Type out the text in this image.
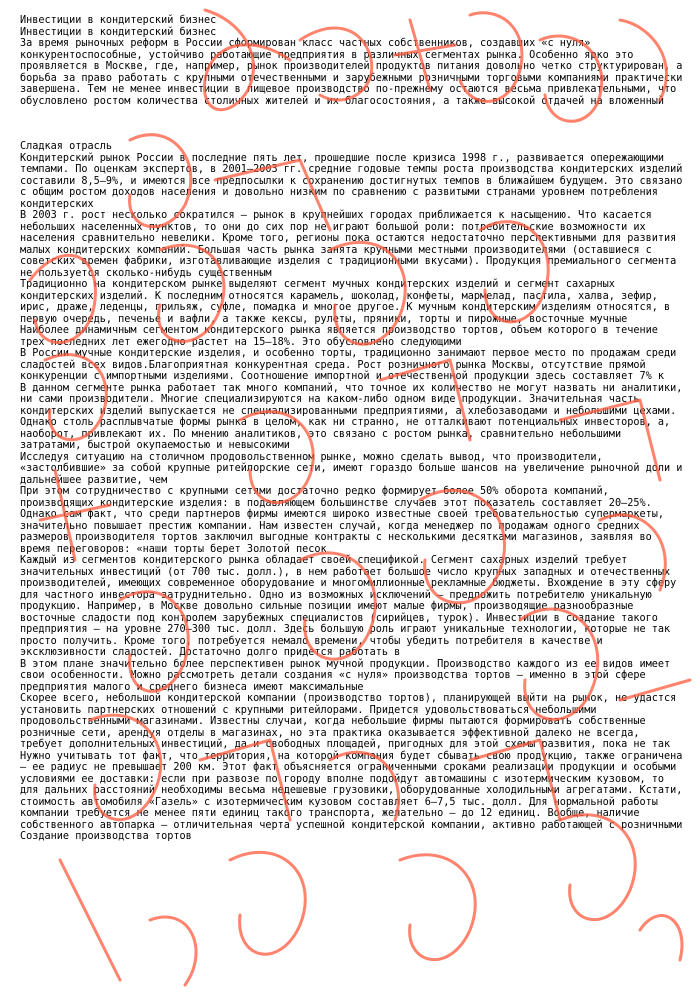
Инвестиции в кондитерский бизнес

Инвестиции в кондитерский бизнес

За время рыночных реформ в России сформирован класс частных собственников, создавших «с нуля» конкурентоспособные, устойчиво работающие предприятия в различных сегментах рынка. Особенно ярко это проявляется в Москве, где, например, рынок производителей продуктов питания довольно четко структурирован, а борьба за право работать с крупными отечественными и зарубежными розничными торговыми компаниями практически завершена. Тем не менее инвестиции в пищевое производство по-прежнему остаются весьма привлекательными, что обусловлено ростом количества столичных жителей и их благосостояния, а также высокой отдачей на вложенный

Сладкая отрасль

Кондитерский рынок России в последние пять лет, прошедшие после кризиса 1998 г., развивается опережающими темпами. По оценкам экспертов, в 2001–2003 гг. средние годовые темпы роста производства кондитерских изделий составили 8,5–9%, и имеются все предпосылки к сохранению достигнутых темпов в ближайшем будущем. Это связано с общим ростом доходов населения и довольно низким по сравнению с развитыми странами уровнем потребления кондитерских

В 2003 г. рост несколько сократился — рынок в крупнейших городах приближается к насыщению. Что касается небольших населенных пунктов, то они до сих пор не играют большой роли: потребительские возможности их населения сравнительно невелики. Кроме того, регионы пока остаются недостаточно перспективными для развития малых кондитерских компаний. Большая часть рынка занята крупными местными производителями (оставшиеся с советских времен фабрики, изготавливающие изделия с традиционными вкусами). Продукция премиального сегмента не пользуется сколько-нибудь существенным

Традиционно на кондитерском рынке выделяют сегмент мучных кондитерских изделий и сегмент сахарных кондитерских изделий. К последним относятся карамель, шоколад, конфеты, мармелад, пастила, халва, зефир, ирис, драже, леденцы, грильяж, суфле, помадка и многое другое. К мучным кондитерским изделиям относятся, в первую очередь, печенье и вафли, а также кексы, рулеты, пряники, торты и пирожные, восточные мучные

Наиболее динамичным сегментом кондитерского рынка является производство тортов, объем которого в течение трех последних лет ежегодно растет на 15–18%. Это обусловлено следующими

В России мучные кондитерские изделия, и особенно торты, традиционно занимают первое место по продажам среди сладостей всех видов.Благоприятная конкурентная среда. Рост розничного рынка Москвы, отсутствие прямой конкуренции с импортными изделиями. Соотношение импортной и отечественной продукции здесь составляет 7% к

В данном сегменте рынка работает так много компаний, что точное их количество не могут назвать ни аналитики, ни сами производители. Многие специализируются на каком-либо одном виде продукции. Значительная часть кондитерских изделий выпускается не специализированными предприятиями, а хлебозаводами и небольшими цехами. Однако столь расплывчатые формы рынка в целом, как ни странно, не отталкивают потенциальных инвесторов, а, наоборот, привлекают их. По мнению аналитиков, это связано с ростом рынка, сравнительно небольшими затратами, быстрой окупаемостью и невысокими

Исследуя ситуацию на столичном продовольственном рынке, можно сделать вывод, что производители, «застолбившие» за собой крупные ритейлорские сети, имеют гораздо больше шансов на увеличение рыночной доли и дальнейшее развитие, чем

При этом сотрудничество с крупными сетями достаточно редко формирует более 50% оборота компаний, производящих кондитерские изделия: в подавляющем большинстве случаев этот показатель составляет 20–25%. Однако сам факт, что среди партнеров фирмы имеются широко известные своей требовательностью супермаркеты, значительно повышает престиж компании. Нам известен случай, когда менеджер по продажам одного средних размеров производителя тортов заключил выгодные контракты с несколькими десятками магазинов, заявляя во время переговоров: «наши торты берет Золотой песок

Каждый из сегментов кондитерского рынка обладает своей спецификой. Сегмент сахарных изделий требует значительных инвестиций (от 700 тыс. долл.), в нем работает большое число крупных западных и отечественных производителей, имеющих современное оборудование и многомиллионные рекламные бюджеты. Вхождение в эту сферу для частного инвестора затруднительно. Одно из возможных исключений — предложить потребителю уникальную продукцию. Например, в Москве довольно сильные позиции имеют малые фирмы, производящие разнообразные восточные сладости под контролем зарубежных специалистов (сирийцев, турок). Инвестиции в создание такого предприятия — на уровне 270–300 тыс. долл. Здесь большую роль играют уникальные технологии, которые не так просто получить. Кроме того, потребуется немало времени, чтобы убедить потребителя в качестве и эксклюзивности сладостей. Достаточно долго придется работать в

В этом плане значительно более перспективен рынок мучной продукции. Производство каждого из ее видов имеет свои особенности. Можно рассмотреть детали создания «с нуля» производства тортов — именно в этой сфере предприятия малого и среднего бизнеса имеют максимальные

Скорее всего, небольшой кондитерской компании (производство тортов), планирующей выйти на рынок, не удастся установить партнерских отношений с крупными ритейлорами. Придется удовольствоваться небольшими продовольственными магазинами. Известны случаи, когда небольшие фирмы пытаются формировать собственные розничные сети, арендуя отделы в магазинах, но эта практика оказывается эффективной далеко не всегда, требует дополнительных инвестиций, да и свободных площадей, пригодных для этой схемы развития, пока не так

Нужно учитывать тот факт, что территория, на которой компания будет сбывать свою продукцию, также ограничена — ее радиус не превышает 200 км. Этот факт объясняется ограниченными сроками реализации продукции и особыми условиями ее доставки: если при развозе по городу вполне подойдут автомашины с изотермическим кузовом, то для дальних расстояний необходимы весьма недешевые грузовики, оборудованные холодильными агрегатами. Кстати, стоимость автомобиля «Газель» с изотермическим кузовом составляет 6–7,5 тыс. долл. Для нормальной работы компании требуется не менее пяти единиц такого транспорта, желательно — до 12 единиц. Вообще, наличие собственного автопарка — отличительная черта успешной кондитерской компании, активно работающей с розничными

Создание производства тортов
